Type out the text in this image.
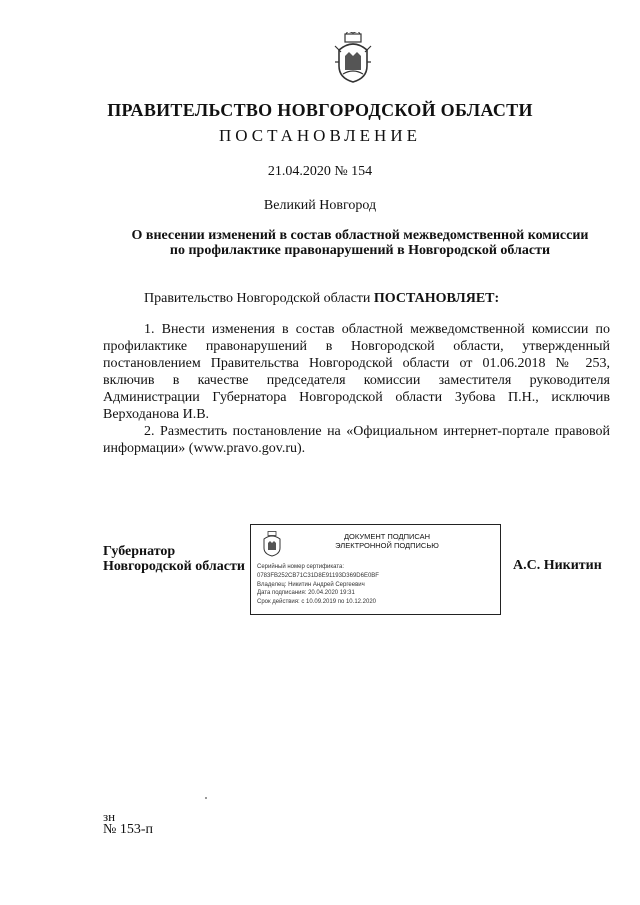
ПРАВИТЕЛЬСТВО НОВГОРОДСКОЙ ОБЛАСТИ
ПОСТАНОВЛЕНИЕ
21.04.2020 № 154
Великий Новгород
О внесении изменений в состав областной межведомственной комиссии
по профилактике правонарушений в Новгородской области

Правительство Новгородской области ПОСТАНОВЛЯЕТ:

1. Внести изменения в состав областной межведомственной комиссии по профилактике правонарушений в Новгородской области, утвержденный постановлением Правительства Новгородской области от 01.06.2018 № 253, включив в качестве председателя комиссии заместителя руководителя Администрации Губернатора Новгородской области Зубова П.Н., исключив Верходанова И.В.

2. Разместить постановление на «Официальном интернет-портале правовой информации» (www.pravo.gov.ru).

Губернатор
Новгородской области
ДОКУМЕНТ ПОДПИСАН
ЭЛЕКТРОННОЙ ПОДПИСЬЮ
Серийный номер сертификата:
0783FB252CB71C31D8E91193D369D6E0BF
Владелец: Никитин Андрей Сергеевич
Дата подписания: 20.04.2020 19:31
Срок действия: с 10.09.2019 по 10.12.2020
А.С. Никитин
зн
№ 153-п
